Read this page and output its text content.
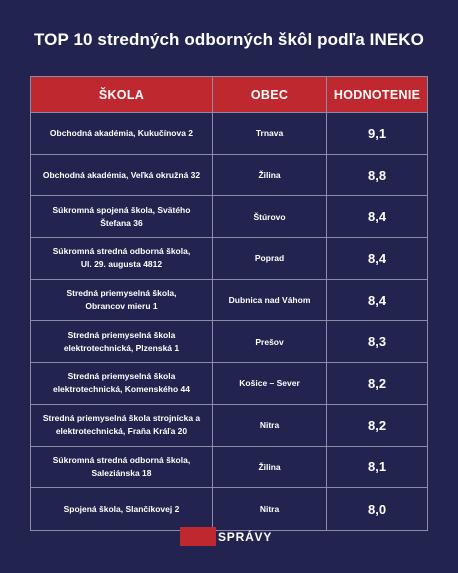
TOP 10 stredných odborných škôl podľa INEKO
ŠKOLA	OBEC	HODNOTENIE
Obchodná akadémia, Kukučínova 2	Trnava	9,1
Obchodná akadémia, Veľká okružná 32	Žilina	8,8
Súkromná spojená škola, Svätého
Štefana 36	Štúrovo	8,4
Súkromná stredná odborná škola,
Ul. 29. augusta 4812	Poprad	8,4
Stredná priemyselná škola,
Obrancov mieru 1	Dubnica nad Váhom	8,4
Stredná priemyselná škola
elektrotechnická, Plzenská 1	Prešov	8,3
Stredná priemyselná škola
elektrotechnická, Komenského 44	Košice – Sever	8,2
Stredná priemyselná škola strojnícka a
elektrotechnická, Fraňa Kráľa 20	Nitra	8,2
Súkromná stredná odborná škola,
Saleziánska 18	Žilina	8,1
Spojená škola, Slančíkovej 2	Nitra	8,0
SPRÁVY
